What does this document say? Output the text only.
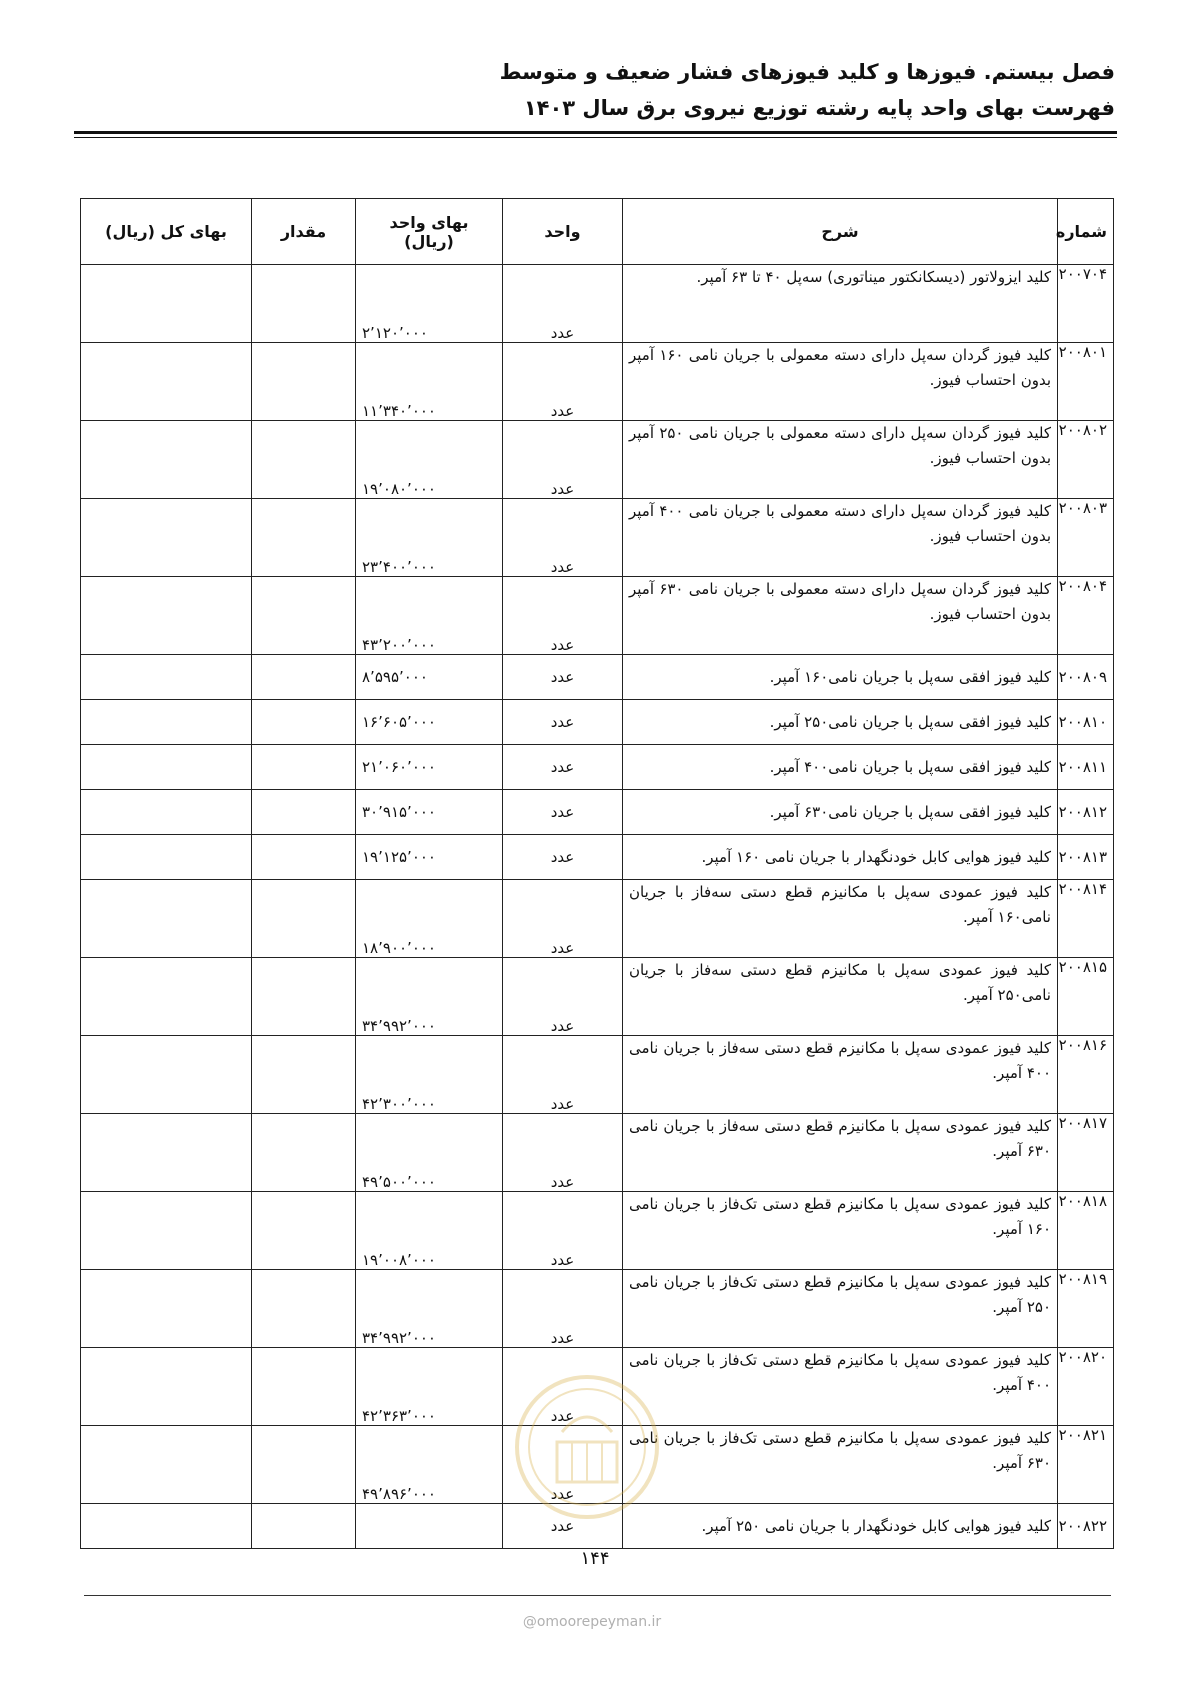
فصل بیستم. فیوزها و کلید فیوزهای فشار ضعیف و متوسط
فهرست بهای واحد پایه رشته توزیع نیروی برق سال ۱۴۰۳
شماره	شرح	واحد	بهای واحد (ریال)	مقدار	بهای کل (ریال)
۲۰۰۷۰۴	کلید ایزولاتور (دیسکانکتور میناتوری) سه‌پل ۴۰ تا ۶۳ آمپر.	عدد	۲٬۱۲۰٬۰۰۰		
۲۰۰۸۰۱	کلید فیوز گردان سه‌پل دارای دسته معمولی با جریان نامی ۱۶۰ آمپر بدون احتساب فیوز.	عدد	۱۱٬۳۴۰٬۰۰۰		
۲۰۰۸۰۲	کلید فیوز گردان سه‌پل دارای دسته معمولی با جریان نامی ۲۵۰ آمپر بدون احتساب فیوز.	عدد	۱۹٬۰۸۰٬۰۰۰		
۲۰۰۸۰۳	کلید فیوز گردان سه‌پل دارای دسته معمولی با جریان نامی ۴۰۰ آمپر بدون احتساب فیوز.	عدد	۲۳٬۴۰۰٬۰۰۰		
۲۰۰۸۰۴	کلید فیوز گردان سه‌پل دارای دسته معمولی با جریان نامی ۶۳۰ آمپر بدون احتساب فیوز.	عدد	۴۳٬۲۰۰٬۰۰۰		
۲۰۰۸۰۹	کلید فیوز افقی سه‌پل با جریان نامی۱۶۰ آمپر.	عدد	۸٬۵۹۵٬۰۰۰		
۲۰۰۸۱۰	کلید فیوز افقی سه‌پل با جریان نامی۲۵۰ آمپر.	عدد	۱۶٬۶۰۵٬۰۰۰		
۲۰۰۸۱۱	کلید فیوز افقی سه‌پل با جریان نامی۴۰۰ آمپر.	عدد	۲۱٬۰۶۰٬۰۰۰		
۲۰۰۸۱۲	کلید فیوز افقی سه‌پل با جریان نامی۶۳۰ آمپر.	عدد	۳۰٬۹۱۵٬۰۰۰		
۲۰۰۸۱۳	کلید فیوز هوایی کابل خودنگهدار با جریان نامی ۱۶۰ آمپر.	عدد	۱۹٬۱۲۵٬۰۰۰		
۲۰۰۸۱۴	کلید فیوز عمودی سه‌پل با مکانیزم قطع دستی سه‌فاز با جریان نامی۱۶۰ آمپر.	عدد	۱۸٬۹۰۰٬۰۰۰		
۲۰۰۸۱۵	کلید فیوز عمودی سه‌پل با مکانیزم قطع دستی سه‌فاز با جریان نامی۲۵۰ آمپر.	عدد	۳۴٬۹۹۲٬۰۰۰		
۲۰۰۸۱۶	کلید فیوز عمودی سه‌پل با مکانیزم قطع دستی سه‌فاز با جریان نامی ۴۰۰ آمپر.	عدد	۴۲٬۳۰۰٬۰۰۰		
۲۰۰۸۱۷	کلید فیوز عمودی سه‌پل با مکانیزم قطع دستی سه‌فاز با جریان نامی ۶۳۰ آمپر.	عدد	۴۹٬۵۰۰٬۰۰۰		
۲۰۰۸۱۸	کلید فیوز عمودی سه‌پل با مکانیزم قطع دستی تک‌فاز با جریان نامی ۱۶۰ آمپر.	عدد	۱۹٬۰۰۸٬۰۰۰		
۲۰۰۸۱۹	کلید فیوز عمودی سه‌پل با مکانیزم قطع دستی تک‌فاز با جریان نامی ۲۵۰ آمپر.	عدد	۳۴٬۹۹۲٬۰۰۰		
۲۰۰۸۲۰	کلید فیوز عمودی سه‌پل با مکانیزم قطع دستی تک‌فاز با جریان نامی ۴۰۰ آمپر.	عدد	۴۲٬۳۶۳٬۰۰۰		
۲۰۰۸۲۱	کلید فیوز عمودی سه‌پل با مکانیزم قطع دستی تک‌فاز با جریان نامی ۶۳۰ آمپر.	عدد	۴۹٬۸۹۶٬۰۰۰		
۲۰۰۸۲۲	کلید فیوز هوایی کابل خودنگهدار با جریان نامی ۲۵۰ آمپر.	عدد			
۱۴۴
@omoorepeyman.ir
